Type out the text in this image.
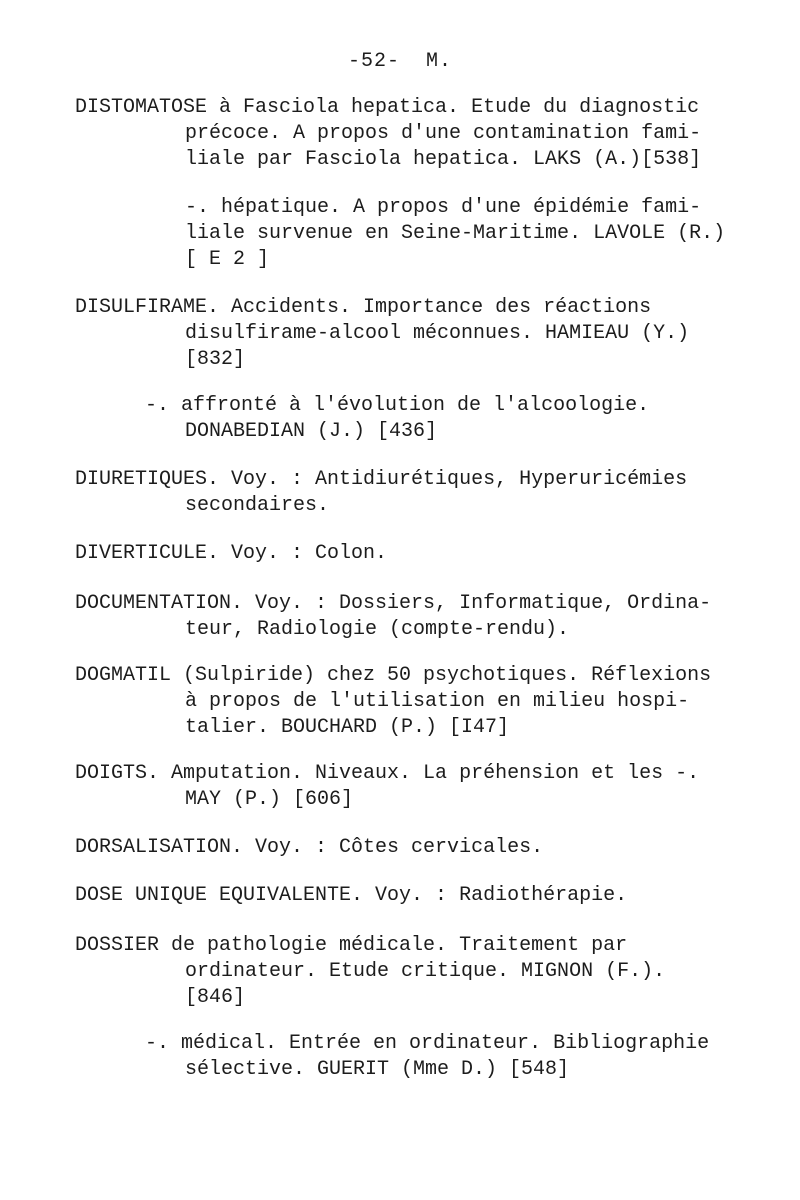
-52- M.
DISTOMATOSE à Fasciola hepatica. Etude du diagnostic
précoce. A propos d'une contamination fami-
liale par Fasciola hepatica. LAKS (A.)[538]
-. hépatique. A propos d'une épidémie fami-
liale survenue en Seine-Maritime. LAVOLE (R.)
[ E 2 ]
DISULFIRAME. Accidents. Importance des réactions
disulfirame-alcool méconnues. HAMIEAU (Y.)
[832]
-. affronté à l'évolution de l'alcoologie.
DONABEDIAN (J.) [436]
DIURETIQUES. Voy. : Antidiurétiques, Hyperuricémies
secondaires.
DIVERTICULE. Voy. : Colon.
DOCUMENTATION. Voy. : Dossiers, Informatique, Ordina-
teur, Radiologie (compte-rendu).
DOGMATIL (Sulpiride) chez 50 psychotiques. Réflexions
à propos de l'utilisation en milieu hospi-
talier. BOUCHARD (P.) [I47]
DOIGTS. Amputation. Niveaux. La préhension et les -.
MAY (P.) [606]
DORSALISATION. Voy. : Côtes cervicales.
DOSE UNIQUE EQUIVALENTE. Voy. : Radiothérapie.
DOSSIER de pathologie médicale. Traitement par
ordinateur. Etude critique. MIGNON (F.).
[846]
-. médical. Entrée en ordinateur. Bibliographie
sélective. GUERIT (Mme D.) [548]
